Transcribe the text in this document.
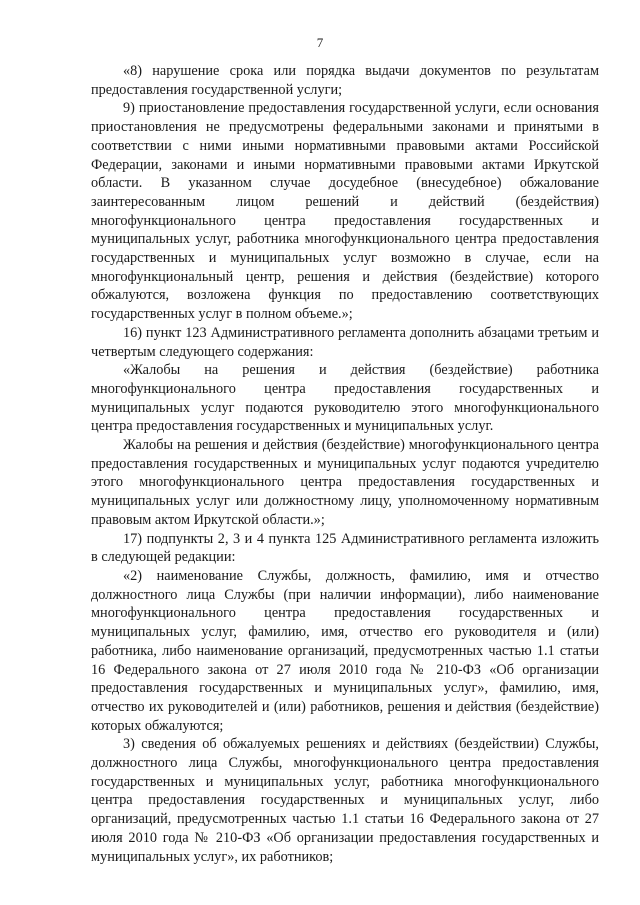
7

«8) нарушение срока или порядка выдачи документов по результатам предоставления государственной услуги;

9) приостановление предоставления государственной услуги, если основания приостановления не предусмотрены федеральными законами и принятыми в соответствии с ними иными нормативными правовыми актами Российской Федерации, законами и иными нормативными правовыми актами Иркутской области. В указанном случае досудебное (внесудебное) обжалование заинтересованным лицом решений и действий (бездействия) многофункционального центра предоставления государственных и муниципальных услуг, работника многофункционального центра предоставления государственных и муниципальных услуг возможно в случае, если на многофункциональный центр, решения и действия (бездействие) которого обжалуются, возложена функция по предоставлению соответствующих государственных услуг в полном объеме.»;

16) пункт 123 Административного регламента дополнить абзацами третьим и четвертым следующего содержания:

«Жалобы на решения и действия (бездействие) работника многофункционального центра предоставления государственных и муниципальных услуг подаются руководителю этого многофункционального центра предоставления государственных и муниципальных услуг.

Жалобы на решения и действия (бездействие) многофункционального центра предоставления государственных и муниципальных услуг подаются учредителю этого многофункционального центра предоставления государственных и муниципальных услуг или должностному лицу, уполномоченному нормативным правовым актом Иркутской области.»;

17) подпункты 2, 3 и 4 пункта 125 Административного регламента изложить в следующей редакции:

«2) наименование Службы, должность, фамилию, имя и отчество должностного лица Службы (при наличии информации), либо наименование многофункционального центра предоставления государственных и муниципальных услуг, фамилию, имя, отчество его руководителя и (или) работника, либо наименование организаций, предусмотренных частью 1.1 статьи 16 Федерального закона от 27 июля 2010 года № 210-ФЗ «Об организации предоставления государственных и муниципальных услуг», фамилию, имя, отчество их руководителей и (или) работников, решения и действия (бездействие) которых обжалуются;

3) сведения об обжалуемых решениях и действиях (бездействии) Службы, должностного лица Службы, многофункционального центра предоставления государственных и муниципальных услуг, работника многофункционального центра предоставления государственных и муниципальных услуг, либо организаций, предусмотренных частью 1.1 статьи 16 Федерального закона от 27 июля 2010 года № 210-ФЗ «Об организации предоставления государственных и муниципальных услуг», их работников;
